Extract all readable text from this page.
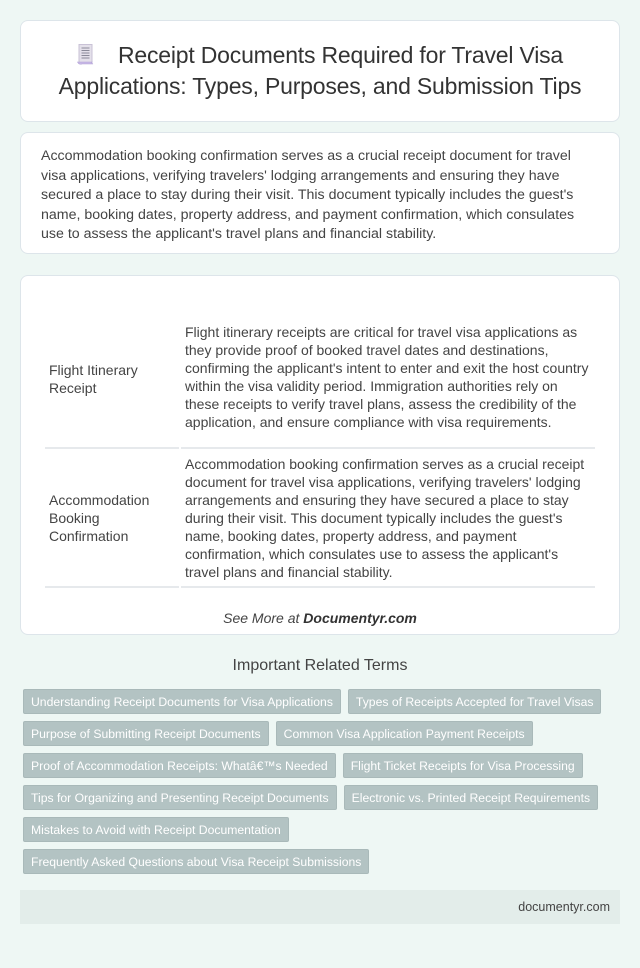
Receipt Documents Required for Travel Visa Applications: Types, Purposes, and Submission Tips

Accommodation booking confirmation serves as a crucial receipt document for travel visa applications, verifying travelers' lodging arrangements and ensuring they have secured a place to stay during their visit. This document typically includes the guest's name, booking dates, property address, and payment confirmation, which consulates use to assess the applicant's travel plans and financial stability.

Flight Itinerary Receipt	Flight itinerary receipts are critical for travel visa applications as they provide proof of booked travel dates and destinations, confirming the applicant's intent to enter and exit the host country within the visa validity period. Immigration authorities rely on these receipts to verify travel plans, assess the credibility of the application, and ensure compliance with visa requirements.
Accommodation Booking Confirmation	Accommodation booking confirmation serves as a crucial receipt document for travel visa applications, verifying travelers' lodging arrangements and ensuring they have secured a place to stay during their visit. This document typically includes the guest's name, booking dates, property address, and payment confirmation, which consulates use to assess the applicant's travel plans and financial stability.
See More at Documentyr.com
Important Related Terms
Understanding Receipt Documents for Visa Applications	Types of Receipts Accepted for Travel Visas
Purpose of Submitting Receipt Documents	Common Visa Application Payment Receipts
Proof of Accommodation Receipts: Whatâ€™s Needed	Flight Ticket Receipts for Visa Processing
Tips for Organizing and Presenting Receipt Documents	Electronic vs. Printed Receipt Requirements
Mistakes to Avoid with Receipt Documentation
Frequently Asked Questions about Visa Receipt Submissions
documentyr.com
